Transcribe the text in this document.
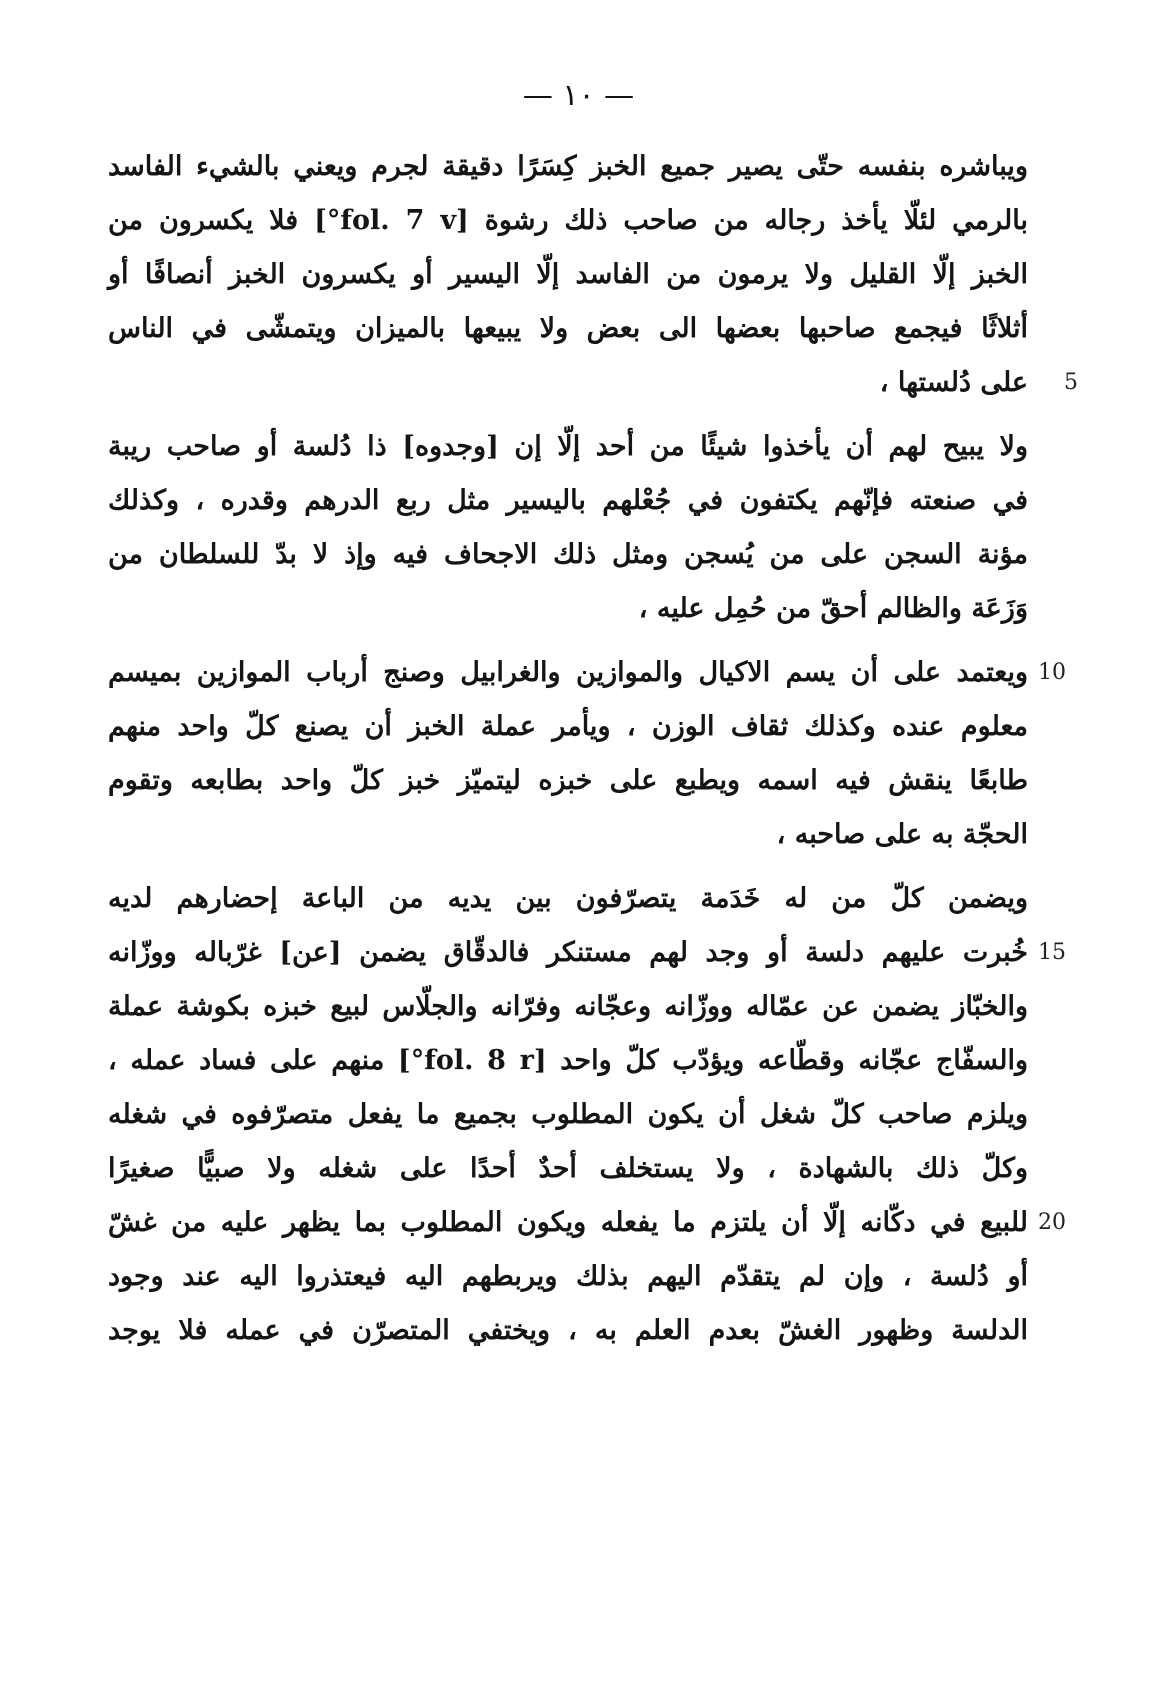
— ١٠ —
ويباشره بنفسه حتّى يصير جميع الخبز كِسَرًا دقيقة لجرم ويعني بالشيء الفاسد
بالرمي لئلّا يأخذ رجاله من صاحب ذلك رشوة [fol. 7 v°] فلا يكسرون من
الخبز إلّا القليل ولا يرمون من الفاسد إلّا اليسير أو يكسرون الخبز أنصافًا أو
أثلاثًا فيجمع صاحبها بعضها الى بعض ولا يبيعها بالميزان ويتمشّى في الناس
على دُلستها ،	5
ولا يبيح لهم أن يأخذوا شيئًا من أحد إلّا إن [وجدوه] ذا دُلسة أو صاحب ريبة
في صنعته فإنّهم يكتفون في جُعْلهم باليسير مثل ربع الدرهم وقدره ، وكذلك
مؤنة السجن على من يُسجن ومثل ذلك الاجحاف فيه وإذ لا بدّ للسلطان من
وَزَعَة والظالم أحقّ من حُمِل عليه ،
ويعتمد على أن يسم الاكيال والموازين والغرابيل وصنج أرباب الموازين بميسم 10
معلوم عنده وكذلك ثقاف الوزن ، ويأمر عملة الخبز أن يصنع كلّ واحد منهم
طابعًا ينقش فيه اسمه ويطبع على خبزه ليتميّز خبز كلّ واحد بطابعه وتقوم
الحجّة به على صاحبه ،
ويضمن كلّ من له خَدَمة يتصرّفون بين يديه من الباعة إحضارهم لديه
خُبرت عليهم دلسة أو وجد لهم مستنكر فالدقّاق يضمن [عن] غرّباله ووزّانه 15
والخبّاز يضمن عن عمّاله ووزّانه وعجّانه وفرّانه والجلّاس لبيع خبزه بكوشة عملة
والسفّاج عجّانه وقطّاعه ويؤدّب كلّ واحد [fol. 8 r°] منهم على فساد عمله ،
ويلزم صاحب كلّ شغل أن يكون المطلوب بجميع ما يفعل متصرّفوه في شغله
وكلّ ذلك بالشهادة ، ولا يستخلف أحدٌ أحدًا على شغله ولا صبيًّا صغيرًا
للبيع في دكّانه إلّا أن يلتزم ما يفعله ويكون المطلوب بما يظهر عليه من غشّ 20
أو دُلسة ، وإن لم يتقدّم اليهم بذلك ويربطهم اليه فيعتذروا اليه عند وجود
الدلسة وظهور الغشّ بعدم العلم به ، ويختفي المتصرّن في عمله فلا يوجد
